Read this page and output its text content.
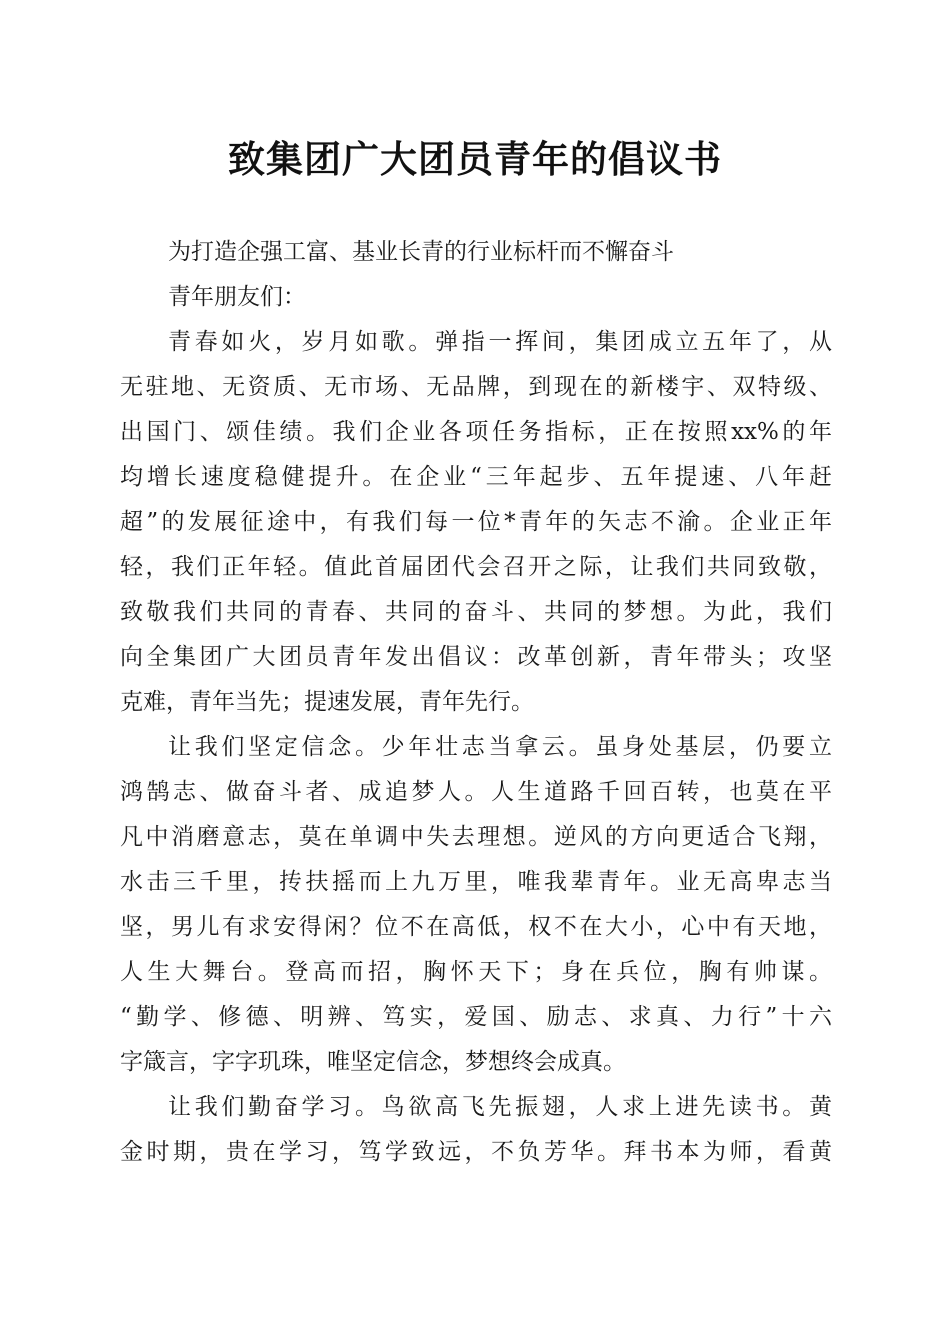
致集团广大团员青年的倡议书
为打造企强工富、基业长青的行业标杆而不懈奋斗
青年朋友们：
青春如火，岁月如歌。弹指一挥间，集团成立五年了，从
无驻地、无资质、无市场、无品牌，到现在的新楼宇、双特级、
出国门、颂佳绩。我们企业各项任务指标，正在按照xx%的年
均增长速度稳健提升。在企业“三年起步、五年提速、八年赶
超”的发展征途中，有我们每一位*青年的矢志不渝。企业正年
轻，我们正年轻。值此首届团代会召开之际，让我们共同致敬，
致敬我们共同的青春、共同的奋斗、共同的梦想。为此，我们
向全集团广大团员青年发出倡议：改革创新，青年带头；攻坚
克难，青年当先；提速发展，青年先行。
让我们坚定信念。少年壮志当拿云。虽身处基层，仍要立
鸿鹄志、做奋斗者、成追梦人。人生道路千回百转，也莫在平
凡中消磨意志，莫在单调中失去理想。逆风的方向更适合飞翔，
水击三千里，抟扶摇而上九万里，唯我辈青年。业无高卑志当
坚，男儿有求安得闲？位不在高低，权不在大小，心中有天地，
人生大舞台。登高而招，胸怀天下；身在兵位，胸有帅谋。
“勤学、修德、明辨、笃实，爱国、励志、求真、力行”十六
字箴言，字字玑珠，唯坚定信念，梦想终会成真。
让我们勤奋学习。鸟欲高飞先振翅，人求上进先读书。黄
金时期，贵在学习，笃学致远，不负芳华。拜书本为师，看黄
